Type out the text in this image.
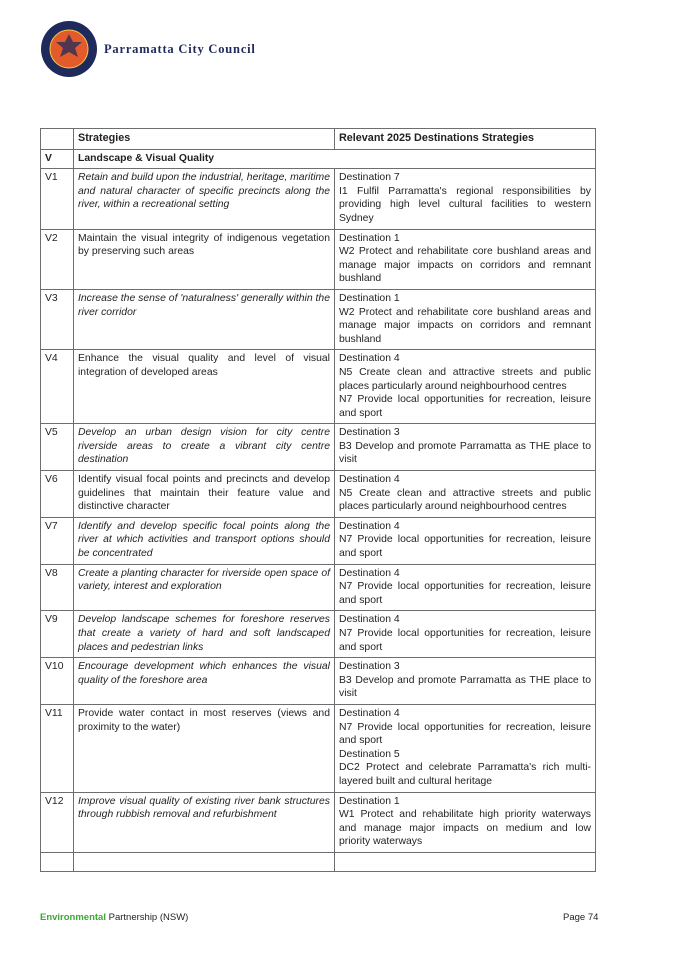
Parramatta City Council
	Strategies	Relevant 2025 Destinations Strategies
V	Landscape & Visual Quality	
V1	Retain and build upon the industrial, heritage, maritime and natural character of specific precincts along the river, within a recreational setting	Destination 7
I1 Fulfil Parramatta's regional responsibilities by providing high level cultural facilities to western Sydney

V2	Maintain the visual integrity of indigenous vegetation by preserving such areas	Destination 1
W2 Protect and rehabilitate core bushland areas and manage major impacts on corridors and remnant bushland

V3	Increase the sense of 'naturalness' generally within the river corridor	Destination 1
W2 Protect and rehabilitate core bushland areas and manage major impacts on corridors and remnant bushland

V4	Enhance the visual quality and level of visual integration of developed areas	Destination 4
N5 Create clean and attractive streets and public places particularly around neighbourhood centres
N7 Provide local opportunities for recreation, leisure and sport

V5	Develop an urban design vision for city centre riverside areas to create a vibrant city centre destination	Destination 3
B3 Develop and promote Parramatta as THE place to visit

V6	Identify visual focal points and precincts and develop guidelines that maintain their feature value and distinctive character	Destination 4
N5 Create clean and attractive streets and public places particularly around neighbourhood centres

V7	Identify and develop specific focal points along the river at which activities and transport options should be concentrated	Destination 4
N7 Provide local opportunities for recreation, leisure and sport

V8	Create a planting character for riverside open space of variety, interest and exploration	Destination 4
N7 Provide local opportunities for recreation, leisure and sport

V9	Develop landscape schemes for foreshore reserves that create a variety of hard and soft landscaped places and pedestrian links	Destination 4
N7 Provide local opportunities for recreation, leisure and sport

V10	Encourage development which enhances the visual quality of the foreshore area	Destination 3
B3 Develop and promote Parramatta as THE place to visit

V11	Provide water contact in most reserves (views and proximity to the water)	Destination 4
N7 Provide local opportunities for recreation, leisure and sport
Destination 5
DC2 Protect and celebrate Parramatta's rich multi-layered built and cultural heritage

V12	Improve visual quality of existing river bank structures through rubbish removal and refurbishment	Destination 1
W1 Protect and rehabilitate high priority waterways and manage major impacts on medium and low priority waterways

Environmental Partnership (NSW)	Page 74
